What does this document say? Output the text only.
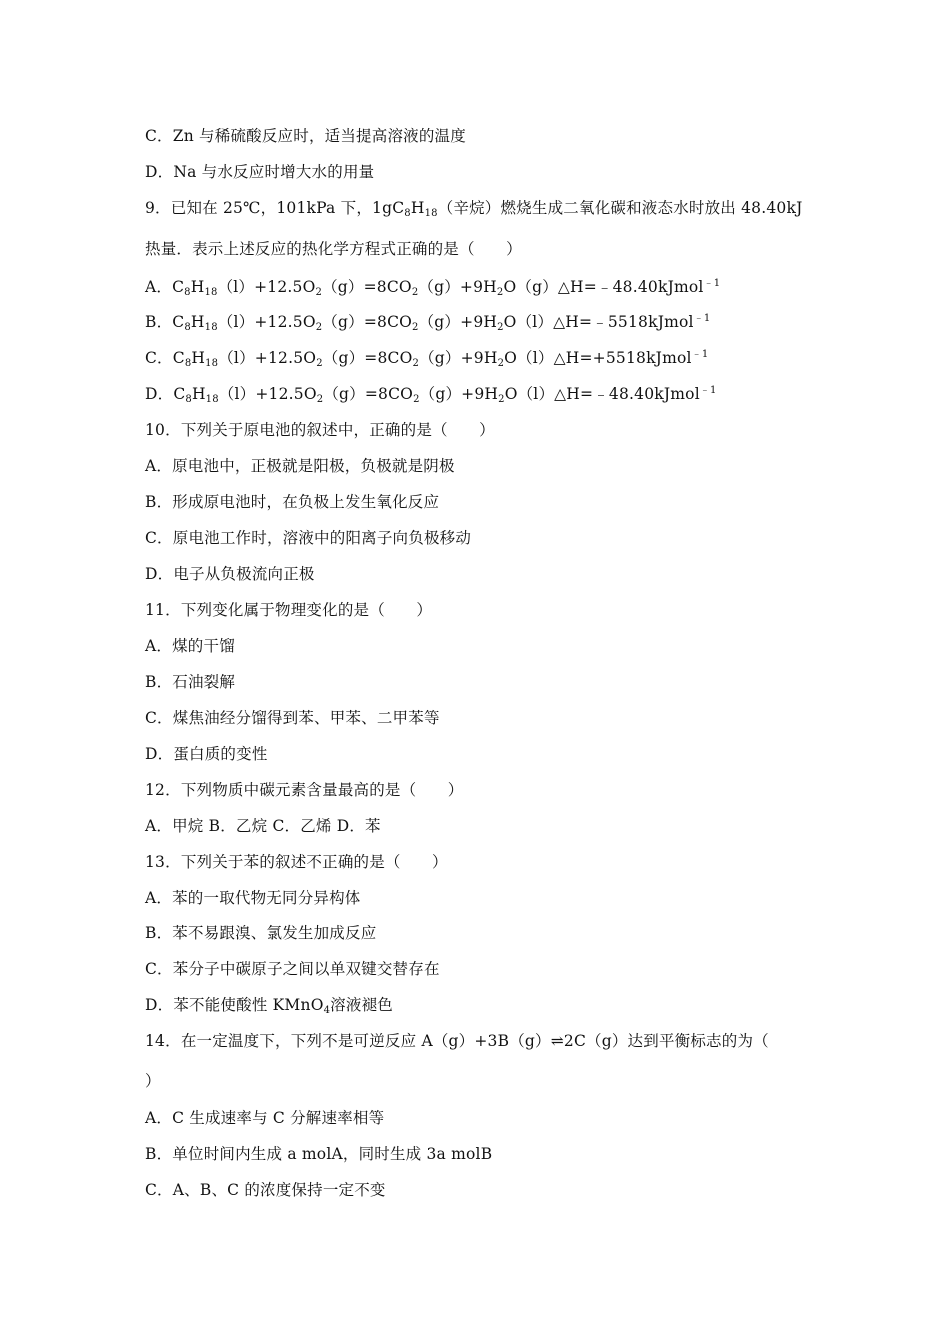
C．Zn 与稀硫酸反应时，适当提高溶液的温度
D．Na 与水反应时增大水的用量
9．已知在 25℃，101kPa 下，$1gC_8H_{18}$（辛烷）燃烧生成二氧化碳和液态水时放出 48.40kJ
热量．表示上述反应的热化学方程式正确的是（　　）
A．$C_8H_{18}(l)+12.5O_2(g)=8CO_2(g)+9H_2O(g)\triangle H=﹣48.40kJmol^{﹣1}$
B．$C_8H_{18}(l)+12.5O_2(g)=8CO_2(g)+9H_2O(l)\triangle H=﹣5518kJmol^{﹣1}$
C．$C_8H_{18}(l)+12.5O_2(g)=8CO_2(g)+9H_2O(l)\triangle H=+5518kJmol^{﹣1}$
D．$C_8H_{18}(l)+12.5O_2(g)=8CO_2(g)+9H_2O(l)\triangle H=﹣48.40kJmol^{﹣1}$
10．下列关于原电池的叙述中，正确的是（　　）
A．原电池中，正极就是阳极，负极就是阴极
B．形成原电池时，在负极上发生氧化反应
C．原电池工作时，溶液中的阳离子向负极移动
D．电子从负极流向正极
11．下列变化属于物理变化的是（　　）
A．煤的干馏
B．石油裂解
C．煤焦油经分馏得到苯、甲苯、二甲苯等
D．蛋白质的变性
12．下列物质中碳元素含量最高的是（　　）
A．甲烷 B．乙烷 C．乙烯 D．苯
13．下列关于苯的叙述不正确的是（　　）
A．苯的一取代物无同分异构体
B．苯不易跟溴、氯发生加成反应
C．苯分子中碳原子之间以单双键交替存在
D．苯不能使酸性 KMnO$_4$溶液褪色
14．在一定温度下，下列不是可逆反应 A（g）+3B（g）⇌2C（g）达到平衡标志的为（
）
A．C 生成速率与 C 分解速率相等
B．单位时间内生成 a molA，同时生成 3a molB
C．A、B、C 的浓度保持一定不变
